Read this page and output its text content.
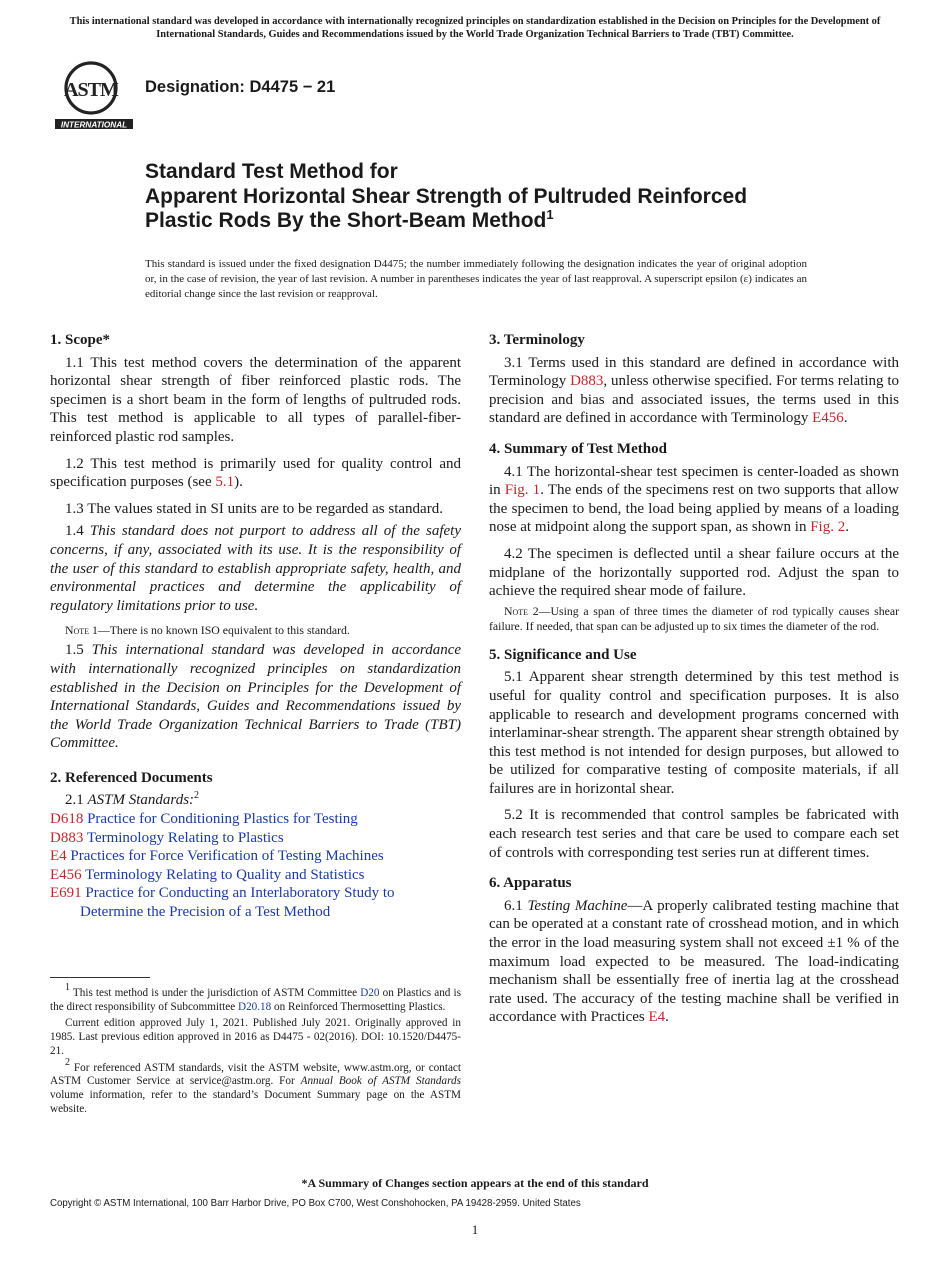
This international standard was developed in accordance with internationally recognized principles on standardization established in the Decision on Principles for the Development of International Standards, Guides and Recommendations issued by the World Trade Organization Technical Barriers to Trade (TBT) Committee.
ASTM
INTERNATIONAL
Designation: D4475 − 21
Standard Test Method for
Apparent Horizontal Shear Strength of Pultruded Reinforced
Plastic Rods By the Short-Beam Method$^1$
This standard is issued under the fixed designation D4475; the number immediately following the designation indicates the year of original adoption or, in the case of revision, the year of last revision. A number in parentheses indicates the year of last reapproval. A superscript epsilon (ε) indicates an editorial change since the last revision or reapproval.
1. Scope*

1.1 This test method covers the determination of the apparent horizontal shear strength of fiber reinforced plastic rods. The specimen is a short beam in the form of lengths of pultruded rods. This test method is applicable to all types of parallel-fiber-reinforced plastic rod samples.

1.2 This test method is primarily used for quality control and specification purposes (see 5.1).

1.3 The values stated in SI units are to be regarded as standard.

1.4 This standard does not purport to address all of the safety concerns, if any, associated with its use. It is the responsibility of the user of this standard to establish appropriate safety, health, and environmental practices and determine the applicability of regulatory limitations prior to use.

Note 1—There is no known ISO equivalent to this standard.

1.5 This international standard was developed in accordance with internationally recognized principles on standardization established in the Decision on Principles for the Development of International Standards, Guides and Recommendations issued by the World Trade Organization Technical Barriers to Trade (TBT) Committee.

2. Referenced Documents

2.1 ASTM Standards:$^2$

D618 Practice for Conditioning Plastics for Testing
D883 Terminology Relating to Plastics
E4 Practices for Force Verification of Testing Machines
E456 Terminology Relating to Quality and Statistics
E691 Practice for Conducting an Interlaboratory Study to Determine the Precision of a Test Method

$^1$ This test method is under the jurisdiction of ASTM Committee D20 on Plastics and is the direct responsibility of Subcommittee D20.18 on Reinforced Thermosetting Plastics.

Current edition approved July 1, 2021. Published July 2021. Originally approved in 1985. Last previous edition approved in 2016 as D4475 - 02(2016). DOI: 10.1520/D4475-21.

$^2$ For referenced ASTM standards, visit the ASTM website, www.astm.org, or contact ASTM Customer Service at service@astm.org. For Annual Book of ASTM Standards volume information, refer to the standard’s Document Summary page on the ASTM website.

3. Terminology

3.1 Terms used in this standard are defined in accordance with Terminology D883, unless otherwise specified. For terms relating to precision and bias and associated issues, the terms used in this standard are defined in accordance with Terminology E456.

4. Summary of Test Method

4.1 The horizontal-shear test specimen is center-loaded as shown in Fig. 1. The ends of the specimens rest on two supports that allow the specimen to bend, the load being applied by means of a loading nose at midpoint along the support span, as shown in Fig. 2.

4.2 The specimen is deflected until a shear failure occurs at the midplane of the horizontally supported rod. Adjust the span to achieve the required shear mode of failure.

Note 2—Using a span of three times the diameter of rod typically causes shear failure. If needed, that span can be adjusted up to six times the diameter of the rod.
5. Significance and Use

5.1 Apparent shear strength determined by this test method is useful for quality control and specification purposes. It is also applicable to research and development programs concerned with interlaminar-shear strength. The apparent shear strength obtained by this test method is not intended for design purposes, but allowed to be utilized for comparative testing of composite materials, if all failures are in horizontal shear.

5.2 It is recommended that control samples be fabricated with each research test series and that care be used to compare each set of controls with corresponding test series run at different times.

6. Apparatus

6.1 Testing Machine—A properly calibrated testing machine that can be operated at a constant rate of crosshead motion, and in which the error in the load measuring system shall not exceed ±1 % of the maximum load expected to be measured. The load-indicating mechanism shall be essentially free of inertia lag at the crosshead rate used. The accuracy of the testing machine shall be verified in accordance with Practices E4.

*A Summary of Changes section appears at the end of this standard
Copyright © ASTM International, 100 Barr Harbor Drive, PO Box C700, West Conshohocken, PA 19428-2959. United States
1
